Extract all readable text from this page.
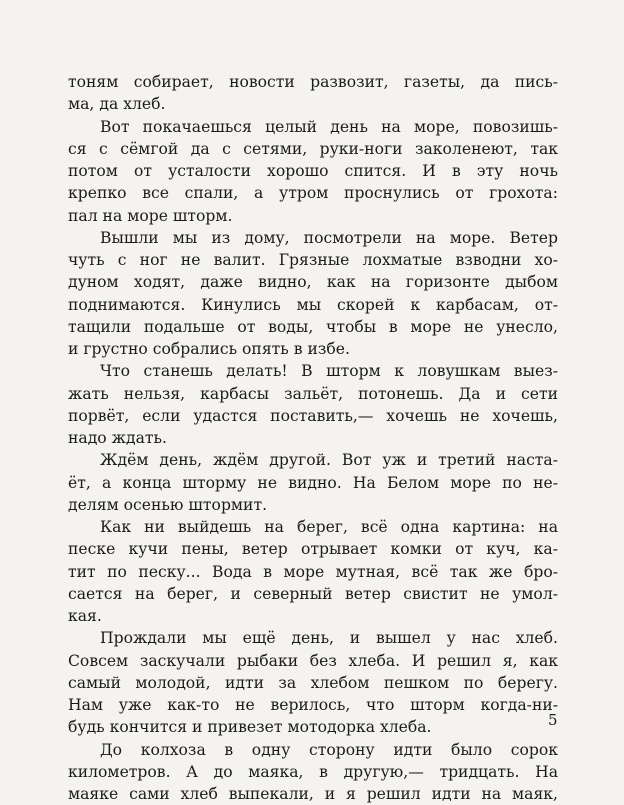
тоням собирает, новости развозит, газеты, да пись-
ма, да хлеб.
Вот покачаешься целый день на море, повозишь-
ся с сёмгой да с сетями, руки-ноги заколенеют, так
потом от усталости хорошо спится. И в эту ночь
крепко все спали, а утром проснулись от грохота:
пал на море шторм.
Вышли мы из дому, посмотрели на море. Ветер
чуть с ног не валит. Грязные лохматые взводни хо-
дуном ходят, даже видно, как на горизонте дыбом
поднимаются. Кинулись мы скорей к карбасам, от-
тащили подальше от воды, чтобы в море не унесло,
и грустно собрались опять в избе.
Что станешь делать! В шторм к ловушкам выез-
жать нельзя, карбасы зальёт, потонешь. Да и сети
порвёт, если удастся поставить,— хочешь не хочешь,
надо ждать.
Ждём день, ждём другой. Вот уж и третий наста-
ёт, а конца шторму не видно. На Белом море по не-
делям осенью штормит.
Как ни выйдешь на берег, всё одна картина: на
песке кучи пены, ветер отрывает комки от куч, ка-
тит по песку... Вода в море мутная, всё так же бро-
сается на берег, и северный ветер свистит не умол-
кая.
Прождали мы ещё день, и вышел у нас хлеб.
Совсем заскучали рыбаки без хлеба. И решил я, как
самый молодой, идти за хлебом пешком по берегу.
Нам уже как-то не верилось, что шторм когда-ни-
будь кончится и привезет мотодорка хлеба.
До колхоза в одну сторону идти было сорок
километров. А до маяка, в другую,— тридцать. На
маяке сами хлеб выпекали, и я решил идти на маяк,
5
